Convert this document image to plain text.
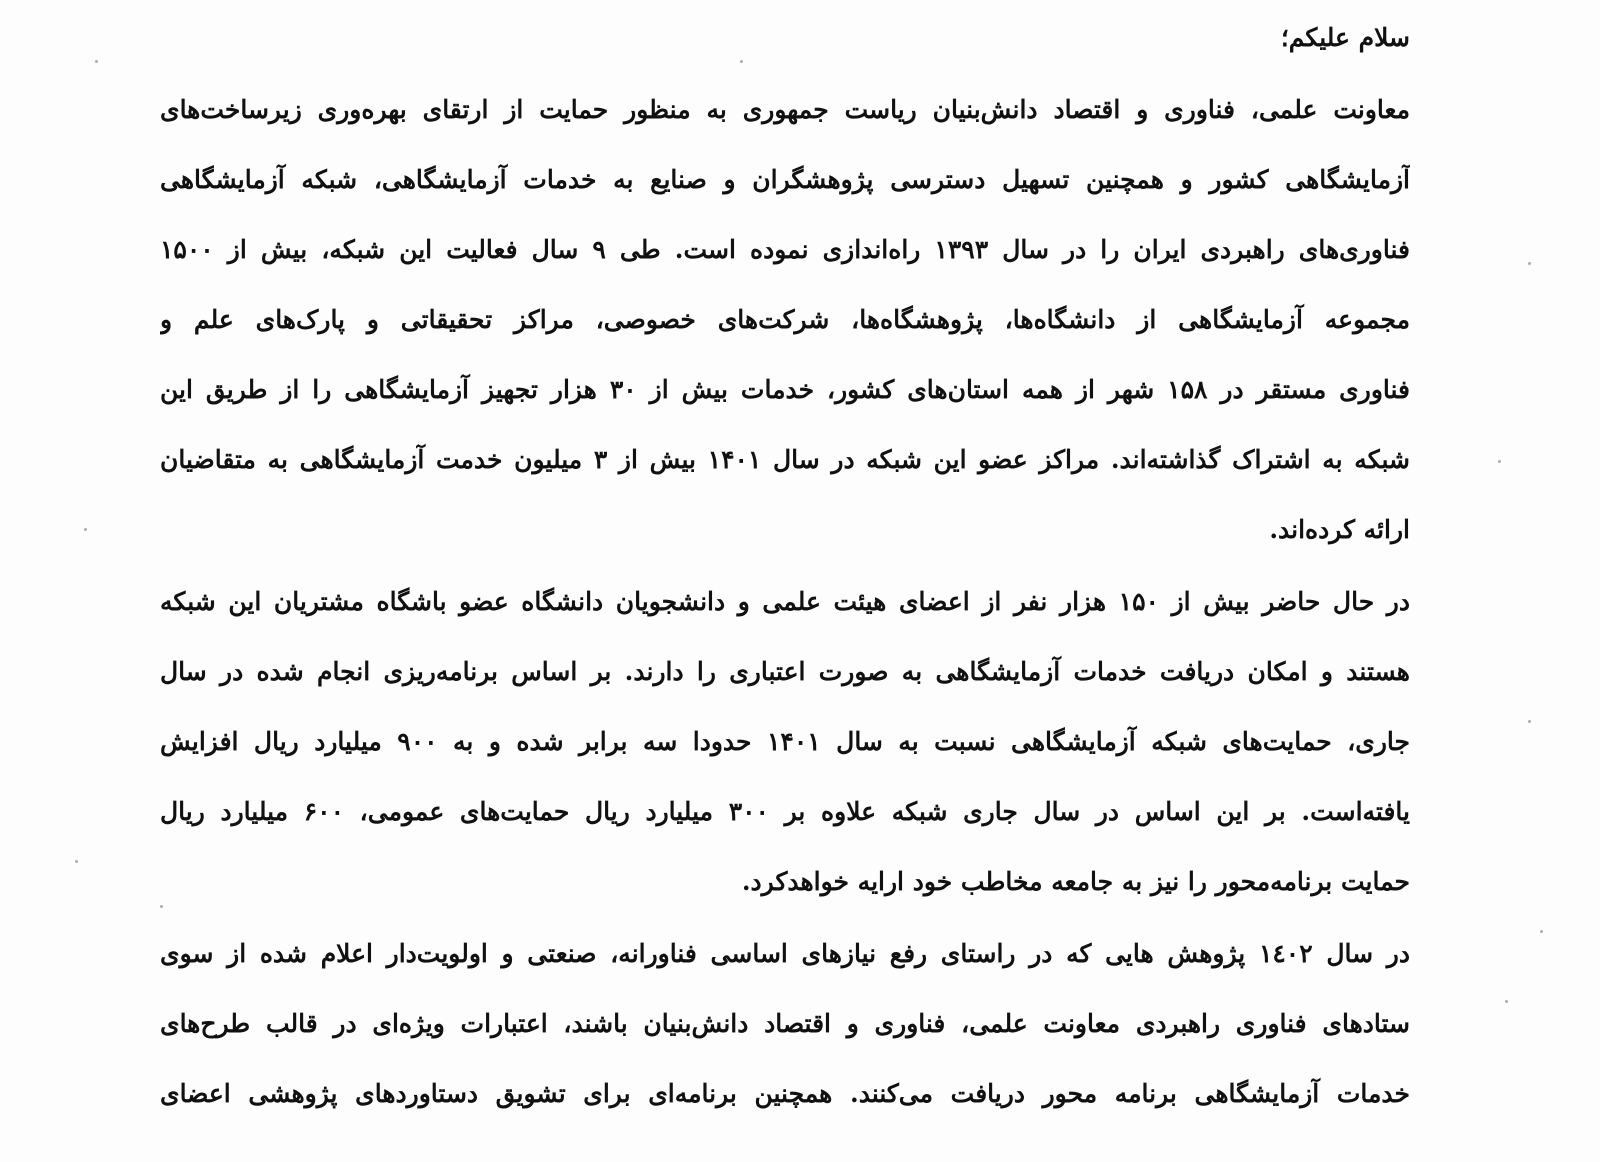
سلام علیکم؛
معاونت علمی، فناوری و اقتصاد دانش‌بنیان ریاست جمهوری به منظور حمایت از ارتقای بهره‌وری زیرساخت‌های
آزمایشگاهی کشور و همچنین تسهیل دسترسی پژوهشگران و صنایع به خدمات آزمایشگاهی، شبکه آزمایشگاهی
فناوری‌های راهبردی ایران را در سال ۱۳۹۳ راه‌اندازی نموده است. طی ۹ سال فعالیت این شبکه، بیش از ۱۵۰۰
مجموعه آزمایشگاهی از دانشگاه‌ها، پژوهشگاه‌ها، شرکت‌های خصوصی، مراکز تحقیقاتی و پارک‌های علم و
فناوری مستقر در ۱۵۸ شهر از همه استان‌های کشور، خدمات بیش از ۳۰ هزار تجهیز آزمایشگاهی را از طریق این
شبکه به اشتراک گذاشته‌اند. مراکز عضو این شبکه در سال ۱۴۰۱ بیش از ۳ میلیون خدمت آزمایشگاهی به متقاضیان
ارائه کرده‌اند.
در حال حاضر بیش از ۱۵۰ هزار نفر از اعضای هیئت علمی و دانشجویان دانشگاه عضو باشگاه مشتریان این شبکه
هستند و امکان دریافت خدمات آزمایشگاهی به صورت اعتباری را دارند. بر اساس برنامه‌ریزی انجام شده در سال
جاری، حمایت‌های شبکه آزمایشگاهی نسبت به سال ۱۴۰۱ حدودا سه برابر شده و به ۹۰۰ میلیارد ریال افزایش
یافته‌است. بر این اساس در سال جاری شبکه علاوه بر ۳۰۰ میلیارد ریال حمایت‌های عمومی، ۶۰۰ میلیارد ریال
حمایت برنامه‌محور را نیز به جامعه مخاطب خود ارایه خواهدکرد.
در سال ۱٤۰۲ پژوهش هایی که در راستای رفع نیازهای اساسی فناورانه، صنعتی و اولویت‌دار اعلام شده از سوی
ستادهای فناوری راهبردی معاونت علمی، فناوری و اقتصاد دانش‌بنیان باشند، اعتبارات ویژه‌ای در قالب طرح‌های
خدمات آزمایشگاهی برنامه محور دریافت می‌کنند. همچنین برنامه‌ای برای تشویق دستاوردهای پژوهشی اعضای
